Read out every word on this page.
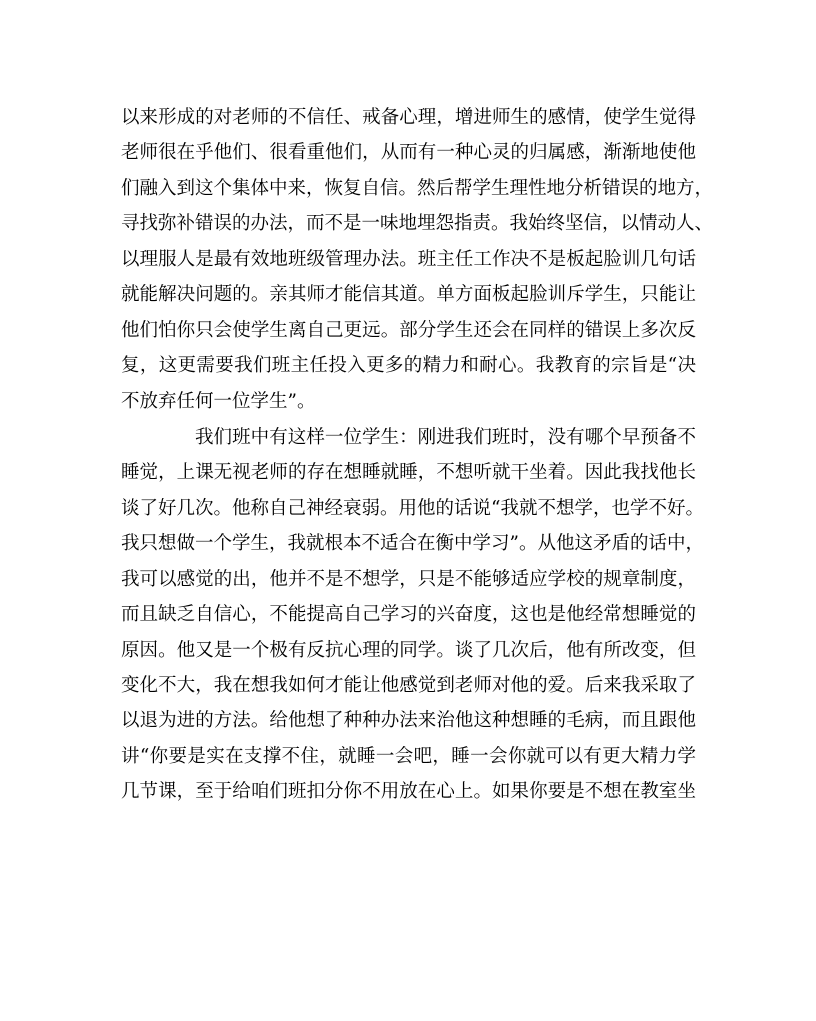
以来形成的对老师的不信任、戒备心理，增进师生的感情，使学生觉得
老师很在乎他们、很看重他们，从而有一种心灵的归属感，渐渐地使他
们融入到这个集体中来，恢复自信。然后帮学生理性地分析错误的地方，
寻找弥补错误的办法，而不是一味地埋怨指责。我始终坚信，以情动人、
以理服人是最有效地班级管理办法。班主任工作决不是板起脸训几句话
就能解决问题的。亲其师才能信其道。单方面板起脸训斥学生，只能让
他们怕你只会使学生离自己更远。部分学生还会在同样的错误上多次反
复，这更需要我们班主任投入更多的精力和耐心。我教育的宗旨是“决
不放弃任何一位学生”。
我们班中有这样一位学生：刚进我们班时，没有哪个早预备不
睡觉，上课无视老师的存在想睡就睡，不想听就干坐着。因此我找他长
谈了好几次。他称自己神经衰弱。用他的话说“我就不想学，也学不好。
我只想做一个学生，我就根本不适合在衡中学习”。从他这矛盾的话中，
我可以感觉的出，他并不是不想学，只是不能够适应学校的规章制度，
而且缺乏自信心，不能提高自己学习的兴奋度，这也是他经常想睡觉的
原因。他又是一个极有反抗心理的同学。谈了几次后，他有所改变，但
变化不大，我在想我如何才能让他感觉到老师对他的爱。后来我采取了
以退为进的方法。给他想了种种办法来治他这种想睡的毛病，而且跟他
讲“你要是实在支撑不住，就睡一会吧，睡一会你就可以有更大精力学
几节课，至于给咱们班扣分你不用放在心上。如果你要是不想在教室坐
